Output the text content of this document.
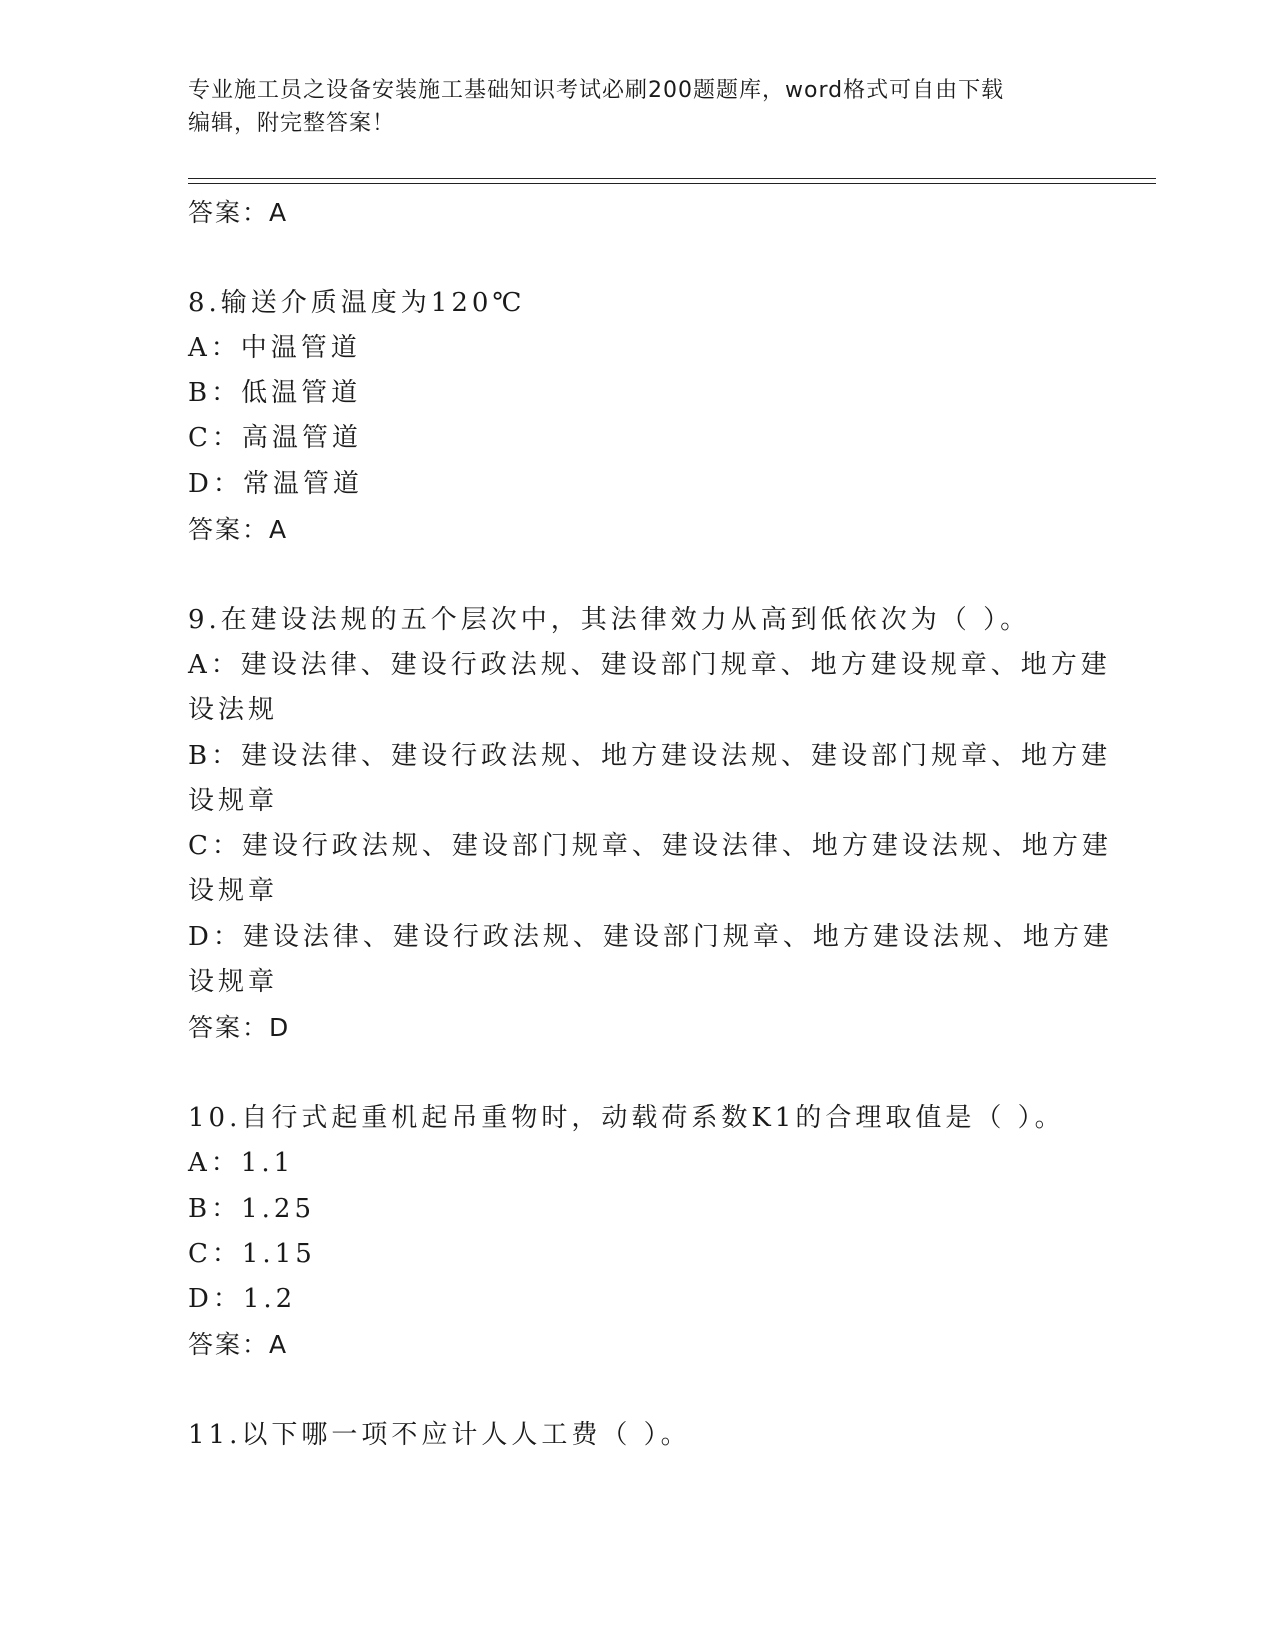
专业施工员之设备安装施工基础知识考试必刷200题题库，word格式可自由下载
编辑，附完整答案！
答案：A
8.输送介质温度为120℃
A：中温管道
B：低温管道
C：高温管道
D：常温管道
答案：A
9.在建设法规的五个层次中，其法律效力从高到低依次为（ ）。
A：建设法律、建设行政法规、建设部门规章、地方建设规章、地方建
设法规
B：建设法律、建设行政法规、地方建设法规、建设部门规章、地方建
设规章
C：建设行政法规、建设部门规章、建设法律、地方建设法规、地方建
设规章
D：建设法律、建设行政法规、建设部门规章、地方建设法规、地方建
设规章
答案：D
10.自行式起重机起吊重物时，动载荷系数K1的合理取值是（ ）。
A：1.1
B：1.25
C：1.15
D：1.2
答案：A
11.以下哪一项不应计人人工费（ ）。
